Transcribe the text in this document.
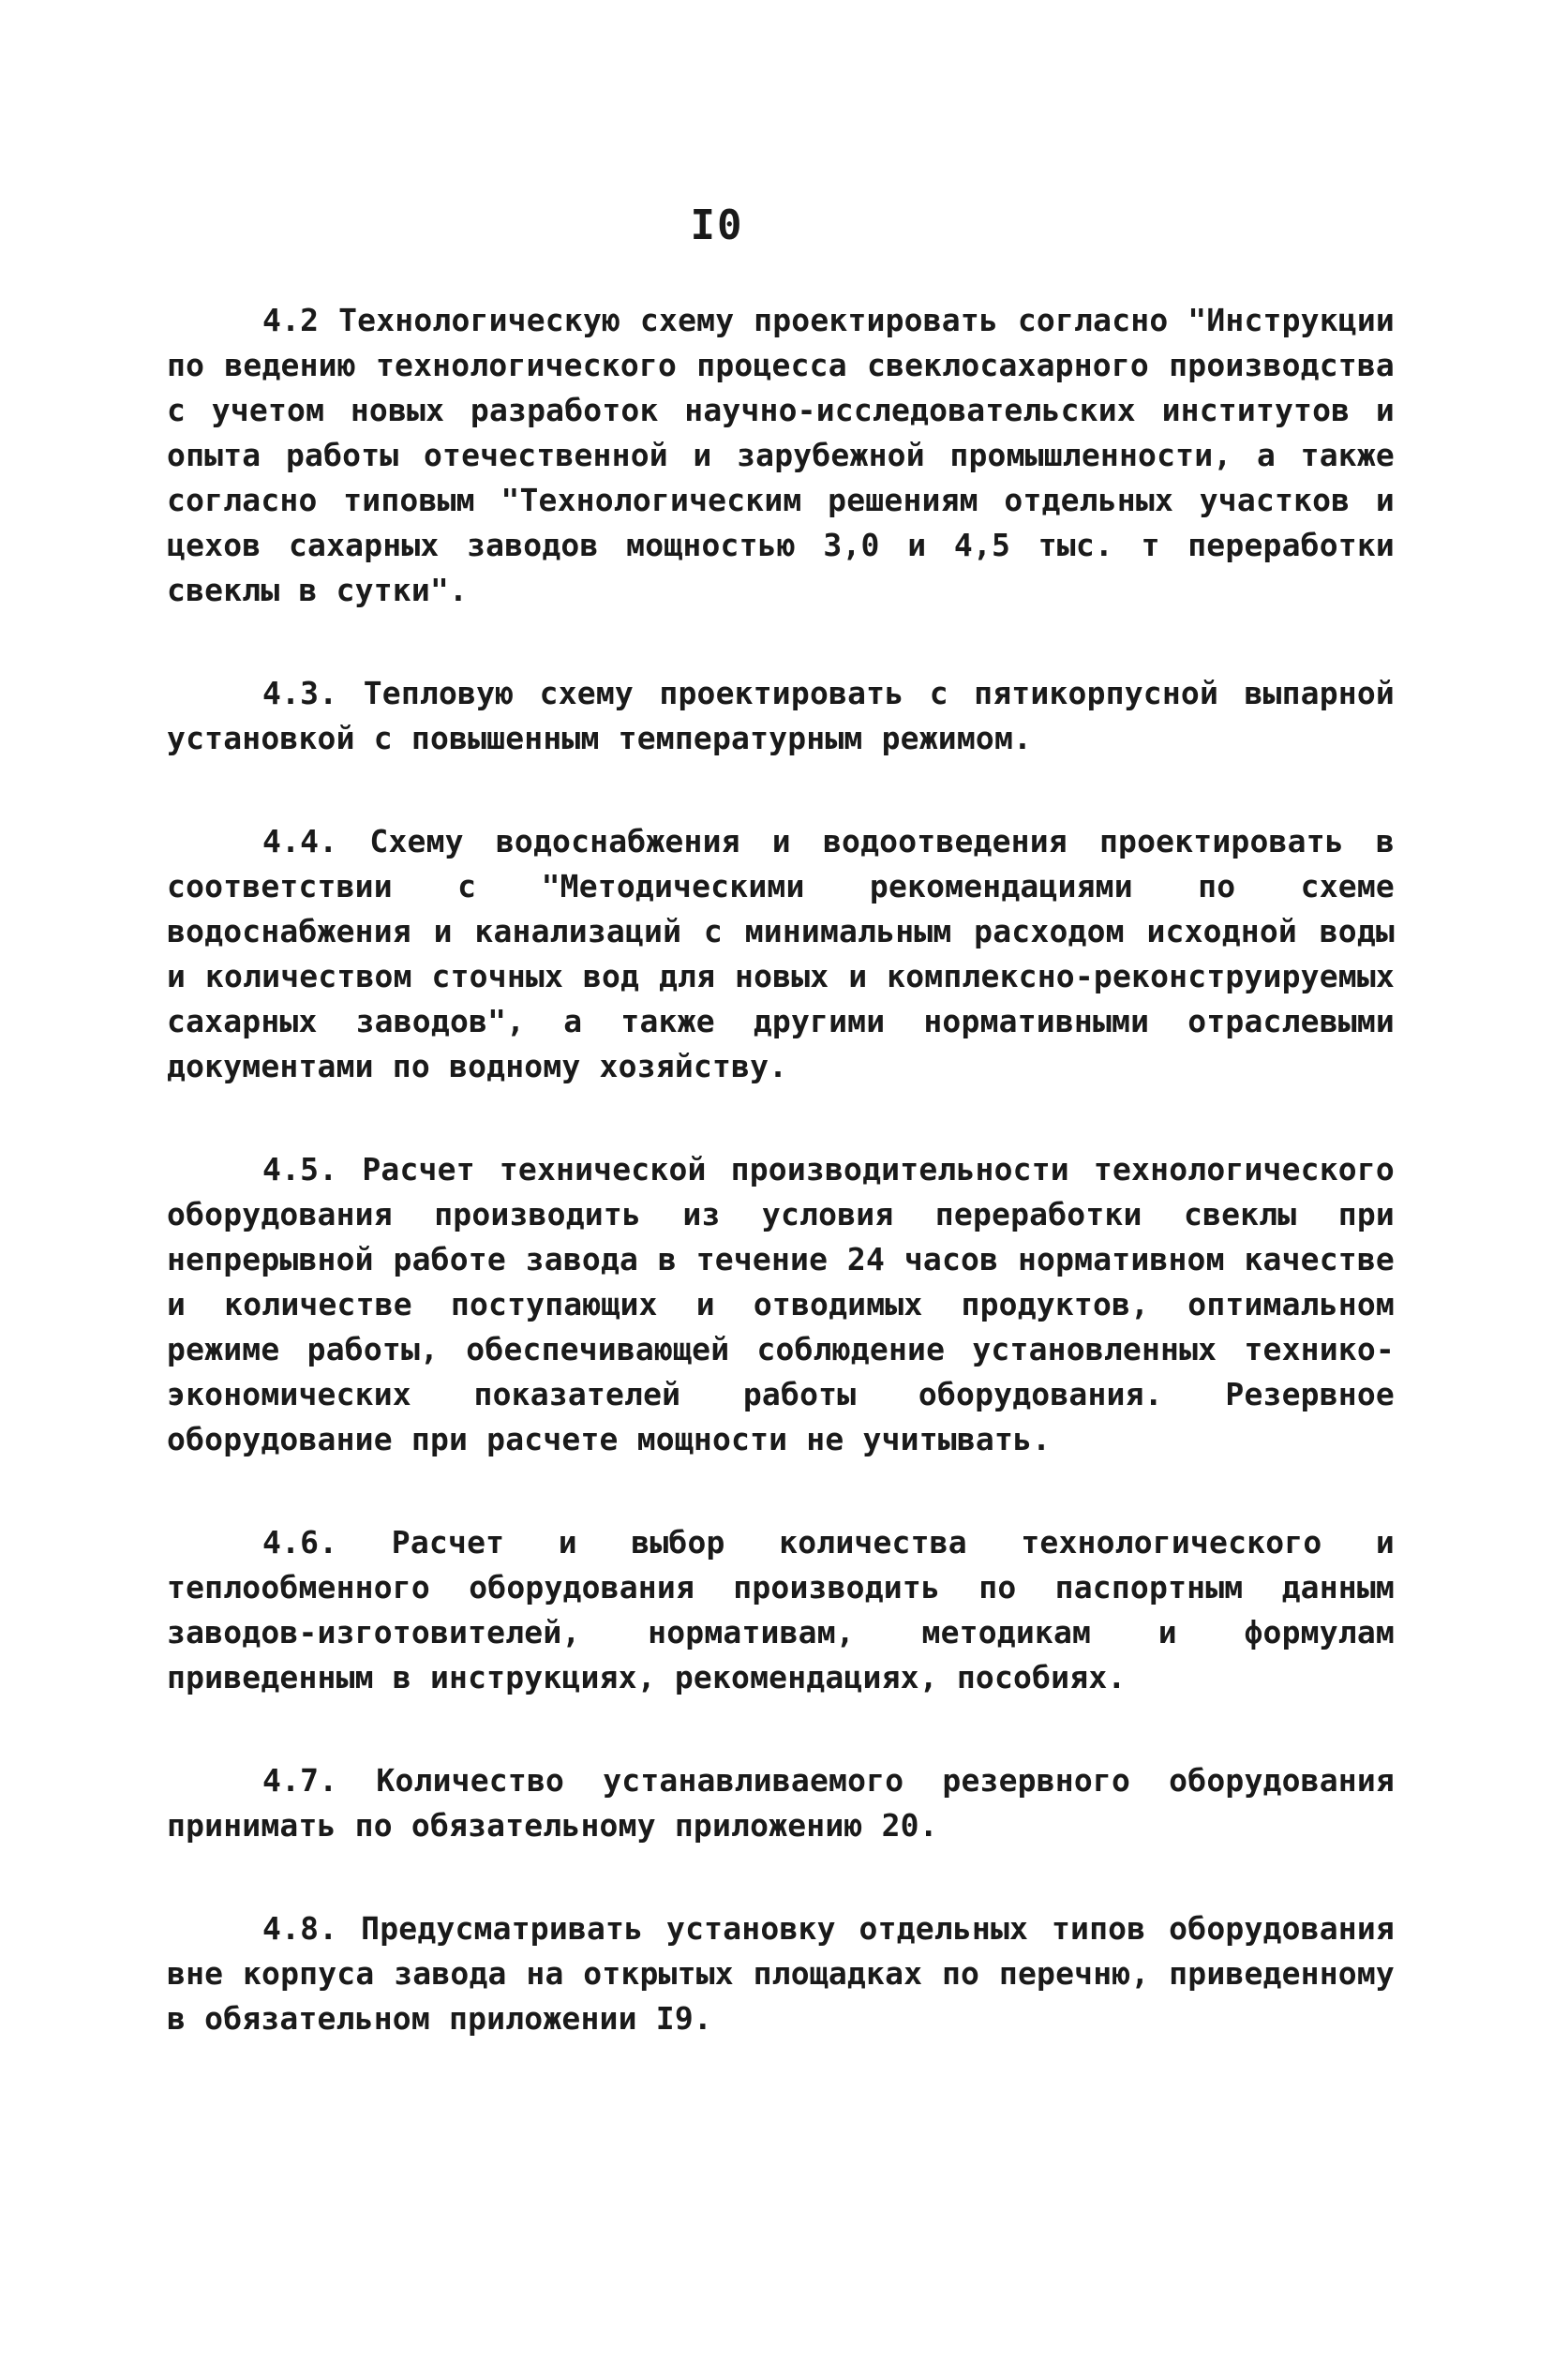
I0

4.2 Технологическую схему проектировать согласно "Инструкции по ведению технологического процесса свеклосахарного производства с учетом новых разработок научно-исследовательских институтов и опыта работы отечественной и зарубежной промышленности, а также согласно типовым "Технологическим решениям отдельных участков и цехов сахарных заводов мощностью 3,0 и 4,5 тыс. т переработки свеклы в сутки".

4.3. Тепловую схему проектировать с пятикорпусной выпарной установкой с повышенным температурным режимом.

4.4. Схему водоснабжения и водоотведения проектировать в соответствии с "Методическими рекомендациями по схеме водоснабжения и канализаций с минимальным расходом исходной воды и количеством сточных вод для новых и комплексно-реконструируемых сахарных заводов", а также другими нормативными отраслевыми документами по водному хозяйству.

4.5. Расчет технической производительности технологического оборудования производить из условия переработки свеклы при непрерывной работе завода в течение 24 часов нормативном качестве и количестве поступающих и отводимых продуктов, оптимальном режиме работы, обеспечивающей соблюдение установленных технико-экономических показателей работы оборудования. Резервное оборудование при расчете мощности не учитывать.

4.6. Расчет и выбор количества технологического и теплообменного оборудования производить по паспортным данным заводов-изготовителей, нормативам, методикам и формулам приведенным в инструкциях, рекомендациях, пособиях.

4.7. Количество устанавливаемого резервного оборудования принимать по обязательному приложению 20.

4.8. Предусматривать установку отдельных типов оборудования вне корпуса завода на открытых площадках по перечню, приведенному в обязательном приложении I9.
